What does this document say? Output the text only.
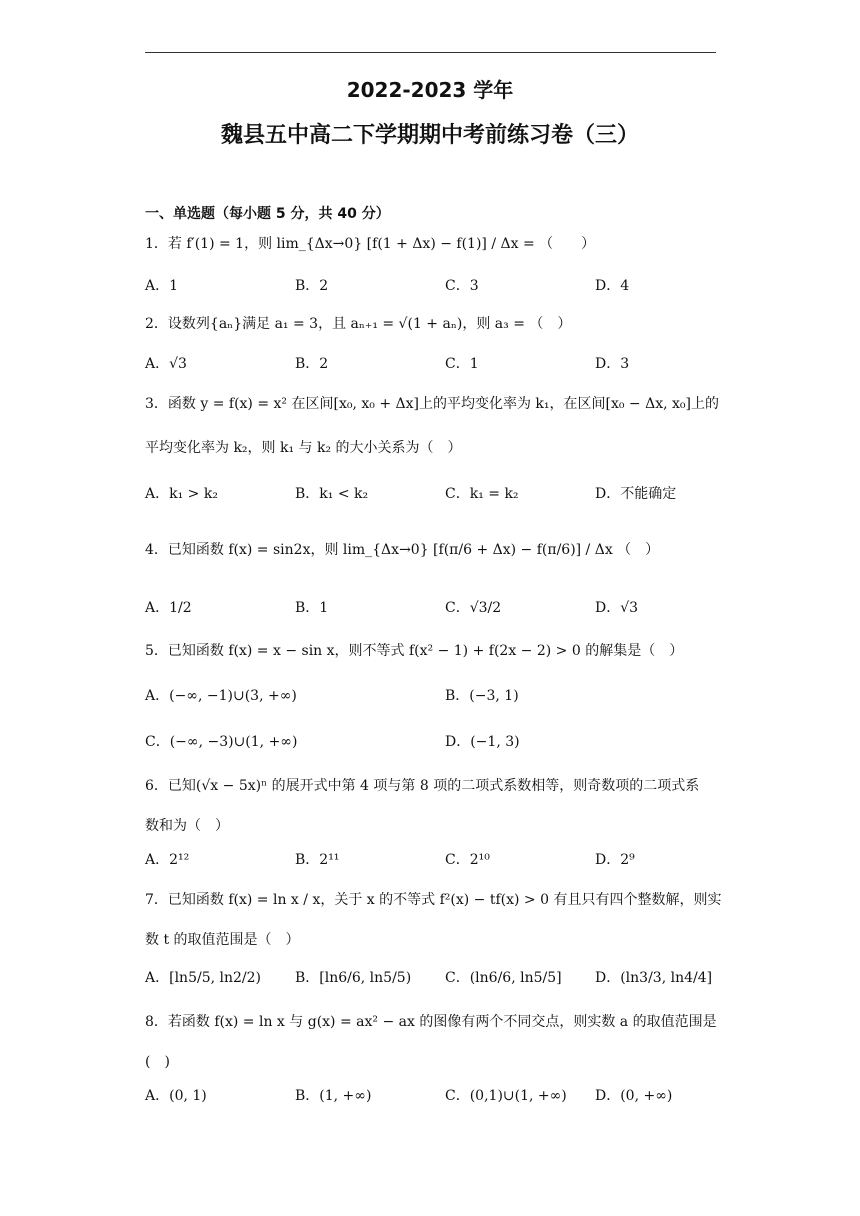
2022-2023 学年
魏县五中高二下学期期中考前练习卷（三）
一、单选题（每小题 5 分，共 40 分）
1．若 f′(1) = 1，则 lim_{Δx→0} [f(1 + Δx) − f(1)] / Δx = （　　）
A．1	B．2	C．3	D．4
2．设数列{aₙ}满足 a₁ = 3，且 aₙ₊₁ = √(1 + aₙ)，则 a₃ = （　）
A．√3	B．2	C．1	D．3
3．函数 y = f(x) = x² 在区间[x₀, x₀ + Δx]上的平均变化率为 k₁，在区间[x₀ − Δx, x₀]上的
平均变化率为 k₂，则 k₁ 与 k₂ 的大小关系为（　）
A．k₁ > k₂	B．k₁ < k₂	C．k₁ = k₂	D．不能确定
4．已知函数 f(x) = sin2x，则 lim_{Δx→0} [f(π/6 + Δx) − f(π/6)] / Δx （　）
A．1/2	B．1	C．√3/2	D．√3
5．已知函数 f(x) = x − sin x，则不等式 f(x² − 1) + f(2x − 2) > 0 的解集是（　）
A．(−∞, −1)∪(3, +∞)	B．(−3, 1)
C．(−∞, −3)∪(1, +∞)	D．(−1, 3)
6．已知(√x − 5x)ⁿ 的展开式中第 4 项与第 8 项的二项式系数相等，则奇数项的二项式系
数和为（　）
A．2¹²	B．2¹¹	C．2¹⁰	D．2⁹
7．已知函数 f(x) = ln x / x，关于 x 的不等式 f²(x) − tf(x) > 0 有且只有四个整数解，则实
数 t 的取值范围是（　）
A．[ln5/5, ln2/2) B．[ln6/6, ln5/5) C．(ln6/6, ln5/5] D．(ln3/3, ln4/4]
8．若函数 f(x) = ln x 与 g(x) = ax² − ax 的图像有两个不同交点，则实数 a 的取值范围是
(　)
A．(0, 1)	B．(1, +∞)	C．(0,1)∪(1, +∞) D．(0, +∞)
